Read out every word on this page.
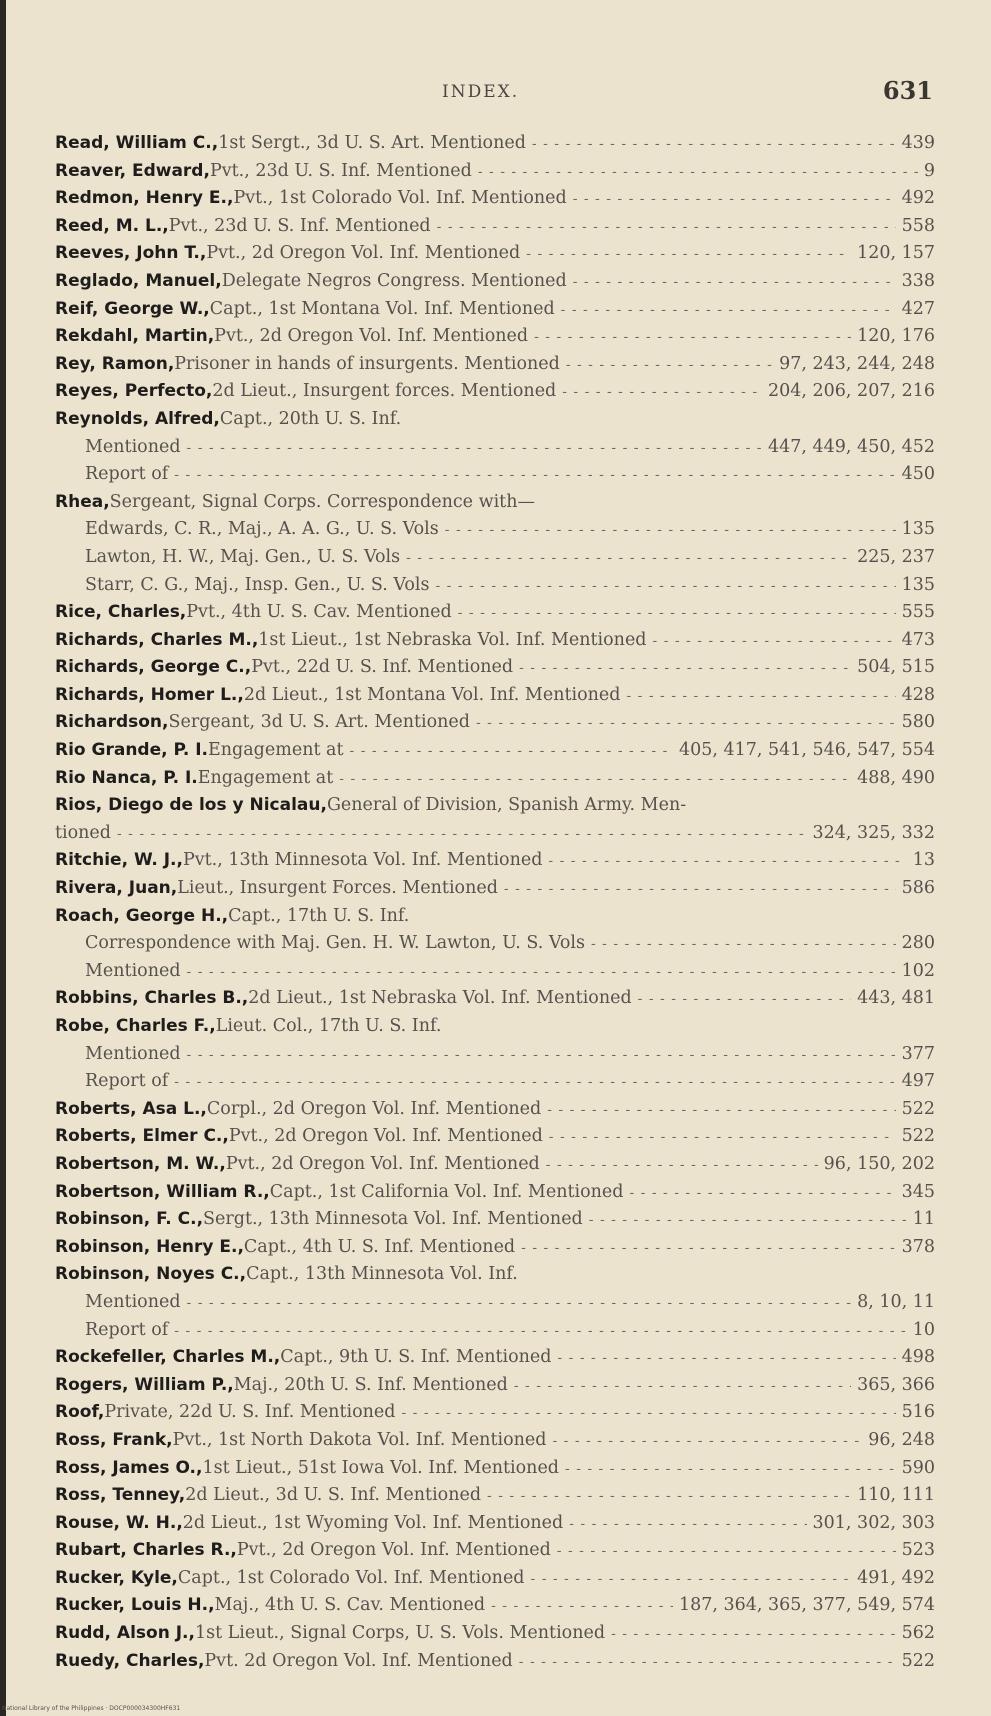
INDEX.	631
Read, William C., 1st Sergt., 3d U. S. Art. Mentioned - - -	439
Reaver, Edward, Pvt., 23d U. S. Inf. Mentioned - - -	9
Redmon, Henry E., Pvt., 1st Colorado Vol. Inf. Mentioned - - -	492
Reed, M. L., Pvt., 23d U. S. Inf. Mentioned - - -	558
Reeves, John T., Pvt., 2d Oregon Vol. Inf. Mentioned - - -	120, 157
Reglado, Manuel, Delegate Negros Congress. Mentioned - - -	338
Reif, George W., Capt., 1st Montana Vol. Inf. Mentioned - - -	427
Rekdahl, Martin, Pvt., 2d Oregon Vol. Inf. Mentioned - - -	120, 176
Rey, Ramon, Prisoner in hands of insurgents. Mentioned - - -	97, 243, 244, 248
Reyes, Perfecto, 2d Lieut., Insurgent forces. Mentioned - - -	204, 206, 207, 216
Reynolds, Alfred, Capt., 20th U. S. Inf.
Mentioned - - -	447, 449, 450, 452
Report of - - -	450
Rhea, Sergeant, Signal Corps. Correspondence with—
Edwards, C. R., Maj., A. A. G., U. S. Vols - - -	135
Lawton, H. W., Maj. Gen., U. S. Vols - - -	225, 237
Starr, C. G., Maj., Insp. Gen., U. S. Vols - - -	135
Rice, Charles, Pvt., 4th U. S. Cav. Mentioned - - -	555
Richards, Charles M., 1st Lieut., 1st Nebraska Vol. Inf. Mentioned - - -	473
Richards, George C., Pvt., 22d U. S. Inf. Mentioned - - -	504, 515
Richards, Homer L., 2d Lieut., 1st Montana Vol. Inf. Mentioned - - -	428
Richardson, Sergeant, 3d U. S. Art. Mentioned - - -	580
Rio Grande, P. I. Engagement at - - -	405, 417, 541, 546, 547, 554
Rio Nanca, P. I. Engagement at - - -	488, 490
Rios, Diego de los y Nicalau, General of Division, Spanish Army. Men-
tioned - - -	324, 325, 332
Ritchie, W. J., Pvt., 13th Minnesota Vol. Inf. Mentioned - - -	13
Rivera, Juan, Lieut., Insurgent Forces. Mentioned - - -	586
Roach, George H., Capt., 17th U. S. Inf.
Correspondence with Maj. Gen. H. W. Lawton, U. S. Vols - - -	280
Mentioned - - -	102
Robbins, Charles B., 2d Lieut., 1st Nebraska Vol. Inf. Mentioned - - -	443, 481
Robe, Charles F., Lieut. Col., 17th U. S. Inf.
Mentioned - - -	377
Report of - - -	497
Roberts, Asa L., Corpl., 2d Oregon Vol. Inf. Mentioned - - -	522
Roberts, Elmer C., Pvt., 2d Oregon Vol. Inf. Mentioned - - -	522
Robertson, M. W., Pvt., 2d Oregon Vol. Inf. Mentioned - - -	96, 150, 202
Robertson, William R., Capt., 1st California Vol. Inf. Mentioned - - -	345
Robinson, F. C., Sergt., 13th Minnesota Vol. Inf. Mentioned - - -	11
Robinson, Henry E., Capt., 4th U. S. Inf. Mentioned - - -	378
Robinson, Noyes C., Capt., 13th Minnesota Vol. Inf.
Mentioned - - -	8, 10, 11
Report of - - -	10
Rockefeller, Charles M., Capt., 9th U. S. Inf. Mentioned - - -	498
Rogers, William P., Maj., 20th U. S. Inf. Mentioned - - -	365, 366
Roof, Private, 22d U. S. Inf. Mentioned - - -	516
Ross, Frank, Pvt., 1st North Dakota Vol. Inf. Mentioned - - -	96, 248
Ross, James O., 1st Lieut., 51st Iowa Vol. Inf. Mentioned - - -	590
Ross, Tenney, 2d Lieut., 3d U. S. Inf. Mentioned - - -	110, 111
Rouse, W. H., 2d Lieut., 1st Wyoming Vol. Inf. Mentioned - - -	301, 302, 303
Rubart, Charles R., Pvt., 2d Oregon Vol. Inf. Mentioned - - -	523
Rucker, Kyle, Capt., 1st Colorado Vol. Inf. Mentioned - - -	491, 492
Rucker, Louis H., Maj., 4th U. S. Cav. Mentioned - - -	187, 364, 365, 377, 549, 574
Rudd, Alson J., 1st Lieut., Signal Corps, U. S. Vols. Mentioned - - -	562
Ruedy, Charles, Pvt. 2d Oregon Vol. Inf. Mentioned - - -	522
National Library of the Philippines · DOCP000034300HF631
